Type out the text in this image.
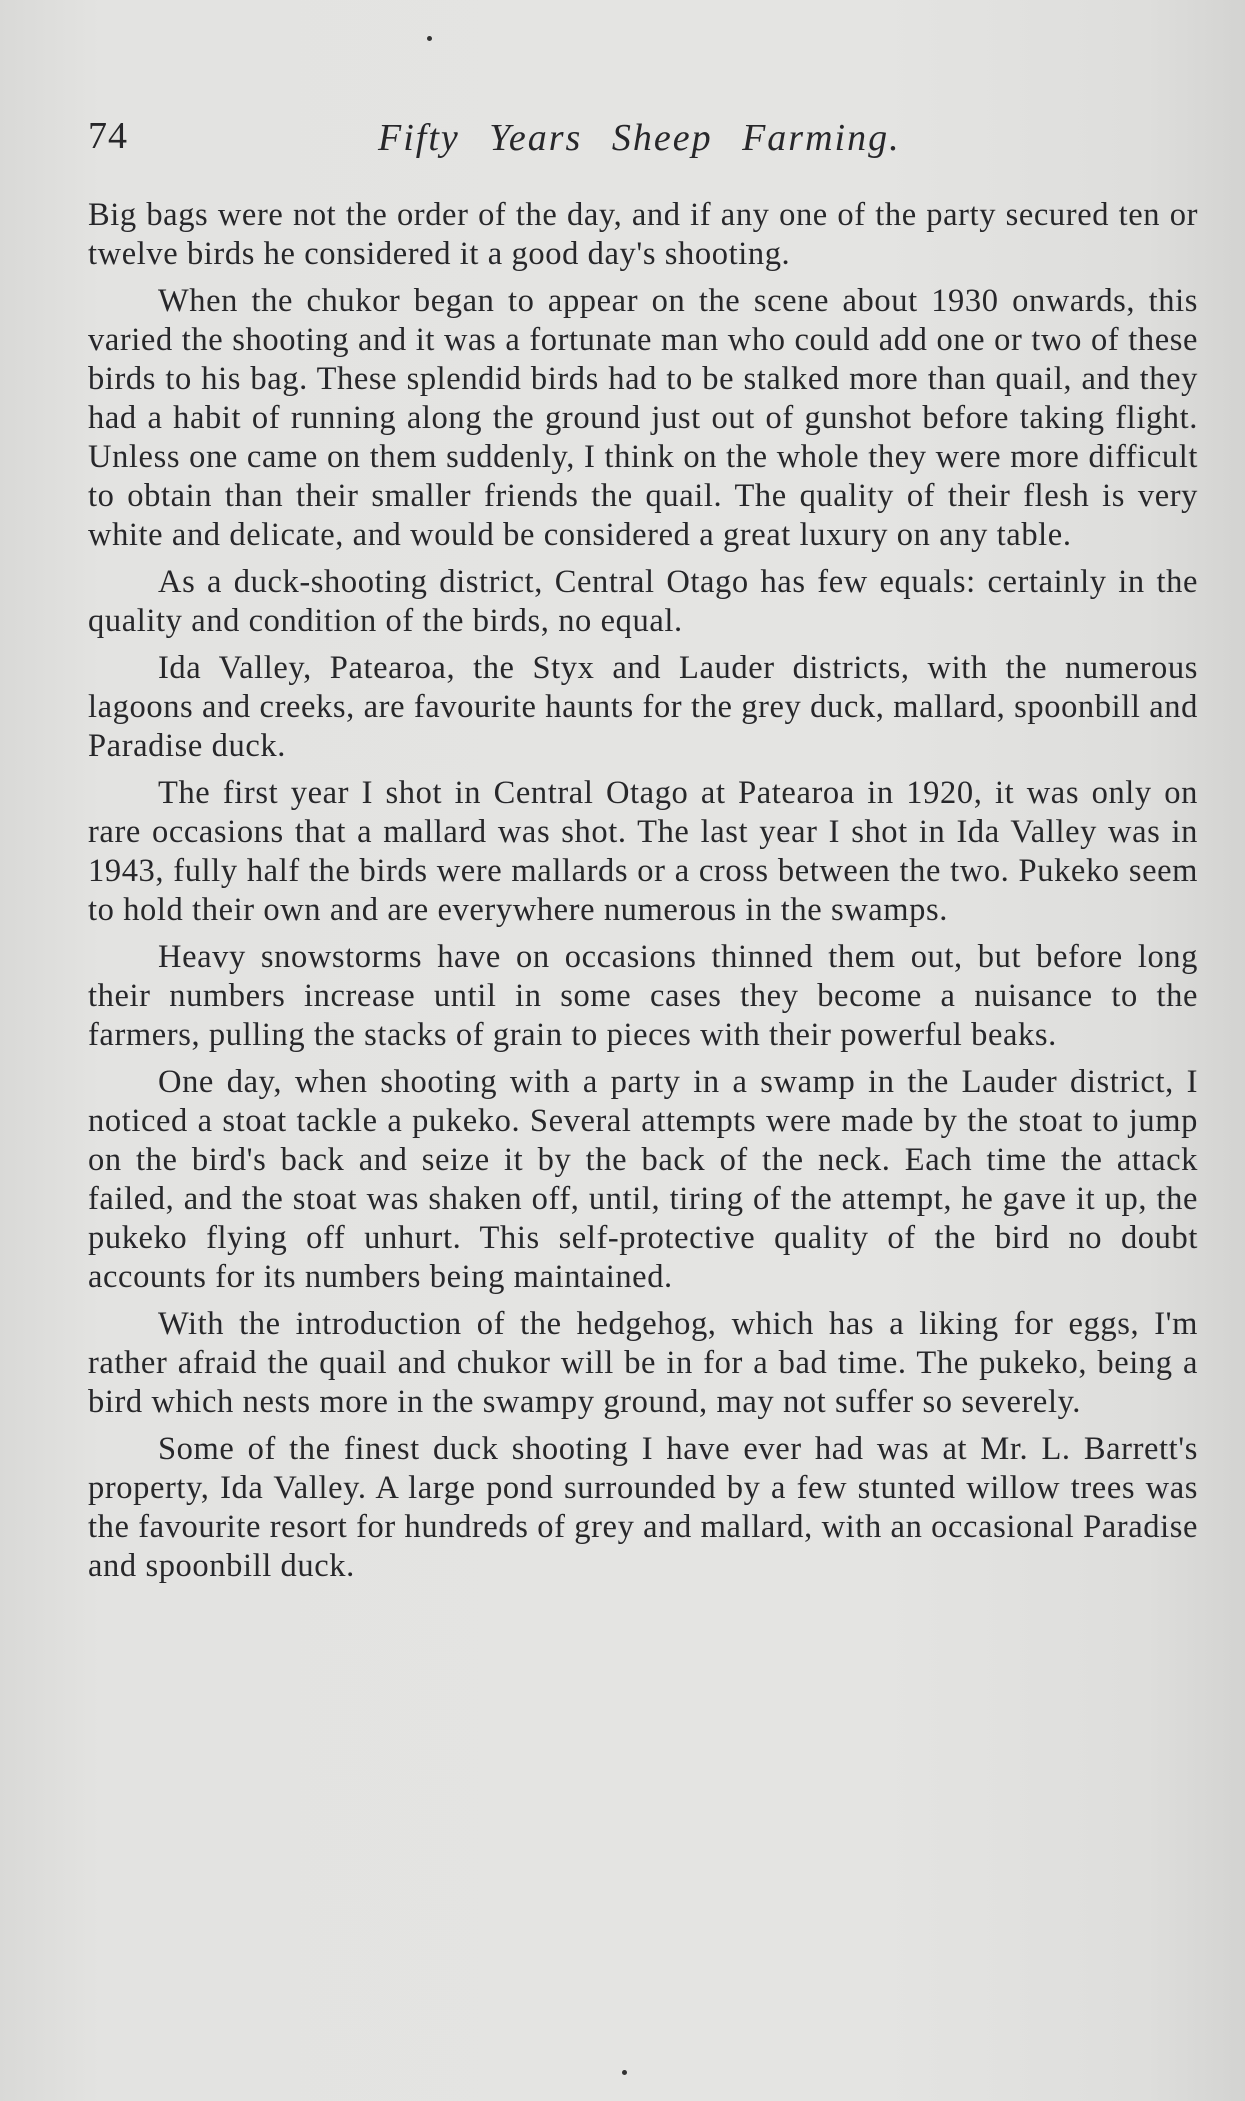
74	Fifty Years Sheep Farming.

Big bags were not the order of the day, and if any one of the party secured ten or twelve birds he considered it a good day's shooting.

When the chukor began to appear on the scene about 1930 onwards, this varied the shooting and it was a fortunate man who could add one or two of these birds to his bag. These splendid birds had to be stalked more than quail, and they had a habit of running along the ground just out of gunshot before taking flight. Unless one came on them suddenly, I think on the whole they were more difficult to obtain than their smaller friends the quail. The quality of their flesh is very white and delicate, and would be considered a great luxury on any table.

As a duck-shooting district, Central Otago has few equals: certainly in the quality and condition of the birds, no equal.

Ida Valley, Patearoa, the Styx and Lauder districts, with the numerous lagoons and creeks, are favourite haunts for the grey duck, mallard, spoonbill and Paradise duck.

The first year I shot in Central Otago at Patearoa in 1920, it was only on rare occasions that a mallard was shot. The last year I shot in Ida Valley was in 1943, fully half the birds were mallards or a cross between the two. Pukeko seem to hold their own and are everywhere numerous in the swamps.

Heavy snowstorms have on occasions thinned them out, but before long their numbers increase until in some cases they become a nuisance to the farmers, pulling the stacks of grain to pieces with their powerful beaks.

One day, when shooting with a party in a swamp in the Lauder district, I noticed a stoat tackle a pukeko. Several attempts were made by the stoat to jump on the bird's back and seize it by the back of the neck. Each time the attack failed, and the stoat was shaken off, until, tiring of the attempt, he gave it up, the pukeko flying off unhurt. This self-protective quality of the bird no doubt accounts for its numbers being maintained.

With the introduction of the hedgehog, which has a liking for eggs, I'm rather afraid the quail and chukor will be in for a bad time. The pukeko, being a bird which nests more in the swampy ground, may not suffer so severely.

Some of the finest duck shooting I have ever had was at Mr. L. Barrett's property, Ida Valley. A large pond surrounded by a few stunted willow trees was the favourite resort for hundreds of grey and mallard, with an occasional Paradise and spoonbill duck.
